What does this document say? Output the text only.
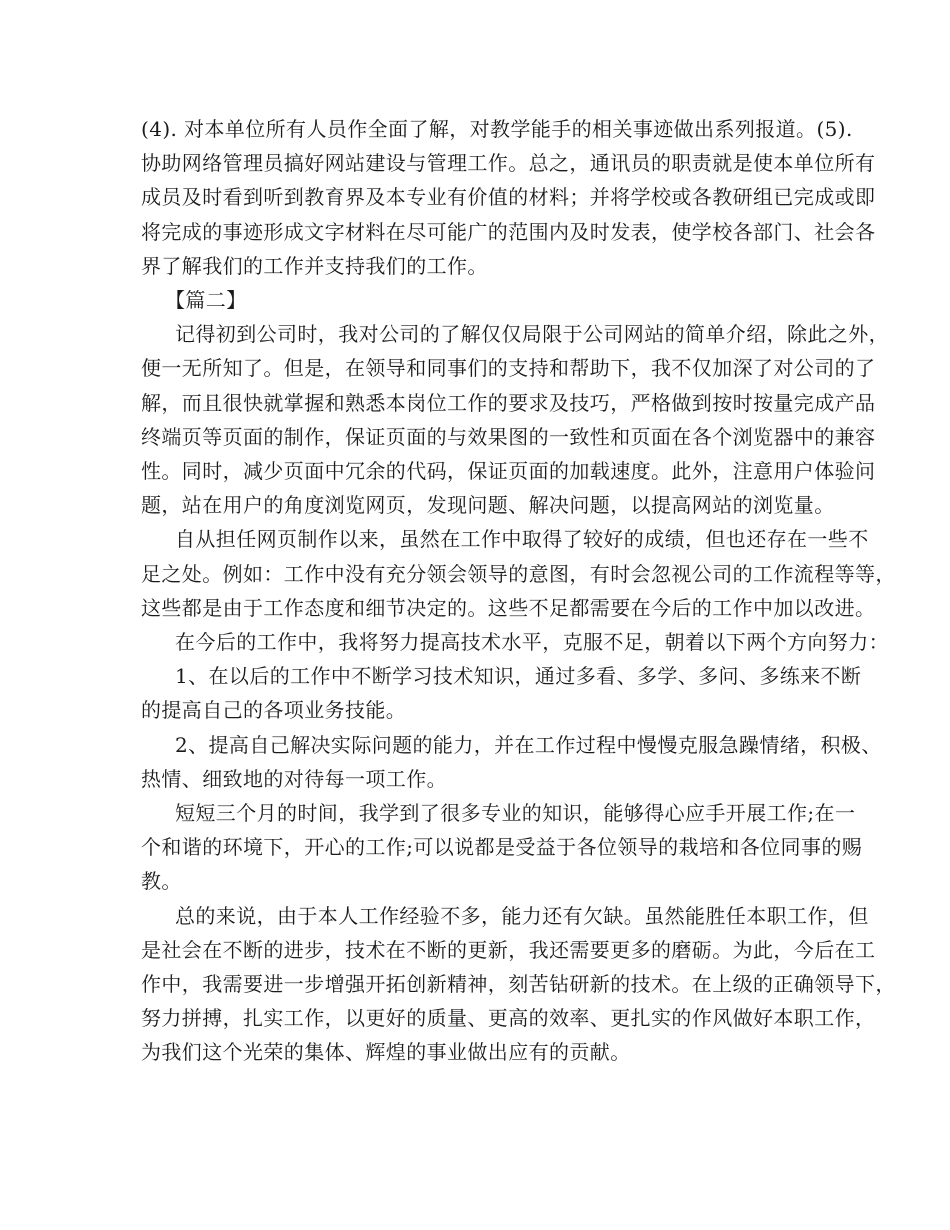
(4). 对本单位所有人员作全面了解，对教学能手的相关事迹做出系列报道。(5).
协助网络管理员搞好网站建设与管理工作。总之，通讯员的职责就是使本单位所有
成员及时看到听到教育界及本专业有价值的材料；并将学校或各教研组已完成或即
将完成的事迹形成文字材料在尽可能广的范围内及时发表，使学校各部门、社会各
界了解我们的工作并支持我们的工作。
【篇二】
记得初到公司时，我对公司的了解仅仅局限于公司网站的简单介绍，除此之外，
便一无所知了。但是，在领导和同事们的支持和帮助下，我不仅加深了对公司的了
解，而且很快就掌握和熟悉本岗位工作的要求及技巧，严格做到按时按量完成产品
终端页等页面的制作，保证页面的与效果图的一致性和页面在各个浏览器中的兼容
性。同时，减少页面中冗余的代码，保证页面的加载速度。此外，注意用户体验问
题，站在用户的角度浏览网页，发现问题、解决问题，以提高网站的浏览量。
自从担任网页制作以来，虽然在工作中取得了较好的成绩，但也还存在一些不
足之处。例如：工作中没有充分领会领导的意图，有时会忽视公司的工作流程等等，
这些都是由于工作态度和细节决定的。这些不足都需要在今后的工作中加以改进。
在今后的工作中，我将努力提高技术水平，克服不足，朝着以下两个方向努力：
1、在以后的工作中不断学习技术知识，通过多看、多学、多问、多练来不断
的提高自己的各项业务技能。
2、提高自己解决实际问题的能力，并在工作过程中慢慢克服急躁情绪，积极、
热情、细致地的对待每一项工作。
短短三个月的时间，我学到了很多专业的知识，能够得心应手开展工作;在一
个和谐的环境下，开心的工作;可以说都是受益于各位领导的栽培和各位同事的赐
教。
总的来说，由于本人工作经验不多，能力还有欠缺。虽然能胜任本职工作，但
是社会在不断的进步，技术在不断的更新，我还需要更多的磨砺。为此，今后在工
作中，我需要进一步增强开拓创新精神，刻苦钻研新的技术。在上级的正确领导下，
努力拼搏，扎实工作，以更好的质量、更高的效率、更扎实的作风做好本职工作，
为我们这个光荣的集体、辉煌的事业做出应有的贡献。
